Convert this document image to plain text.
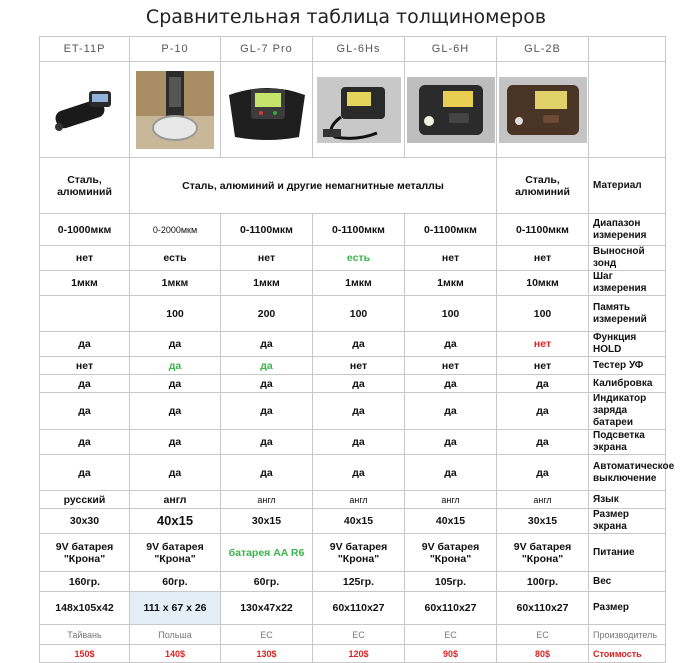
Сравнительная таблица толщиномеров
ET-11P	P-10	GL-7 Pro	GL-6Hs	GL-6H	GL-2B	

Сталь, алюминий	Сталь, алюминий и другие немагнитные металлы				Сталь, алюминий	Материал
0-1000мкм	0-2000мкм	0-1100мкм	0-1100мкм	0-1100мкм	0-1100мкм	Диапазон измерения
нет	есть	нет	есть	нет	нет	Выносной зонд
1мкм	1мкм	1мкм	1мкм	1мкм	10мкм	Шаг измерения
	100	200	100	100	100	Память измерений
да	да	да	да	да	нет	Функция HOLD
нет	да	да	нет	нет	нет	Тестер УФ
да	да	да	да	да	да	Калибровка
да	да	да	да	да	да	Индикатор заряда батареи
да	да	да	да	да	да	Подсветка экрана
да	да	да	да	да	да	Автоматическое выключение
русский	англ	англ	англ	англ	англ	Язык
30x30	40x15	30x15	40x15	40x15	30x15	Размер экрана
9V батарея "Крона"	9V батарея "Крона"	батарея AA R6	9V батарея "Крона"	9V батарея "Крона"	9V батарея "Крона"	Питание
160гр.	60гр.	60гр.	125гр.	105гр.	100гр.	Вес
148x105x42	111 x 67 x 26	130x47x22	60x110x27	60x110x27	60x110x27	Размер
Тайвань	Польша	ЕС	ЕС	ЕС	ЕС	Производитель
150$	140$	130$	120$	90$	80$	Стоимость
